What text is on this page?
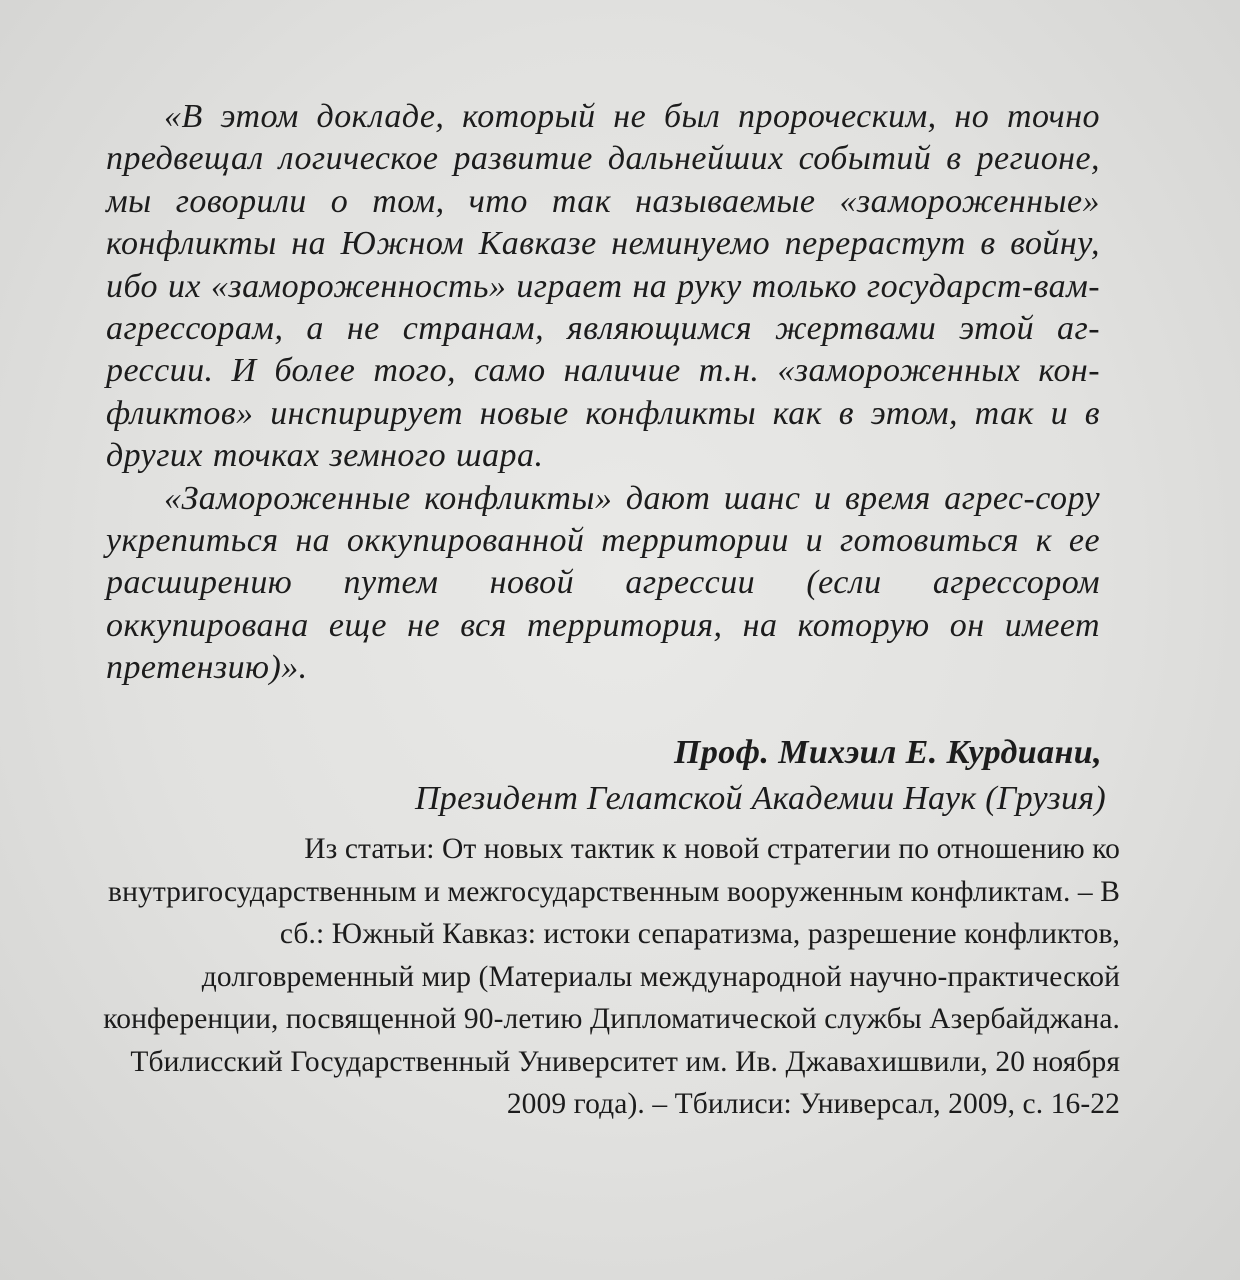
«В этом докладе, который не был пророческим, но точно предвещал логическое развитие дальнейших событий в регионе, мы говорили о том, что так называемые «замороженные» конфликты на Южном Кавказе неминуемо перерастут в войну, ибо их «замороженность» играет на руку только государст-вам-агрессорам, а не странам, являющимся жертвами этой аг-рессии. И более того, само наличие т.н. «замороженных кон-фликтов» инспирирует новые конфликты как в этом, так и в других точках земного шара.

«Замороженные конфликты» дают шанс и время агрес-сору укрепиться на оккупированной территории и готовиться к ее расширению путем новой агрессии (если агрессором оккупирована еще не вся территория, на которую он имеет претензию)».

Проф. Михэил Е. Курдиани,
Президент Гелатской Академии Наук (Грузия)
Из статьи: От новых тактик к новой стратегии по отношению ко внутригосударственным и межгосударственным вооруженным конфликтам. – В сб.: Южный Кавказ: истоки сепаратизма, разрешение конфликтов, долговременный мир (Материалы международной научно-практической конференции, посвященной 90-летию Дипломатической службы Азербайджана. Тбилисский Государственный Университет им. Ив. Джавахишвили, 20 ноября 2009 года). – Тбилиси: Универсал, 2009, с. 16-22
